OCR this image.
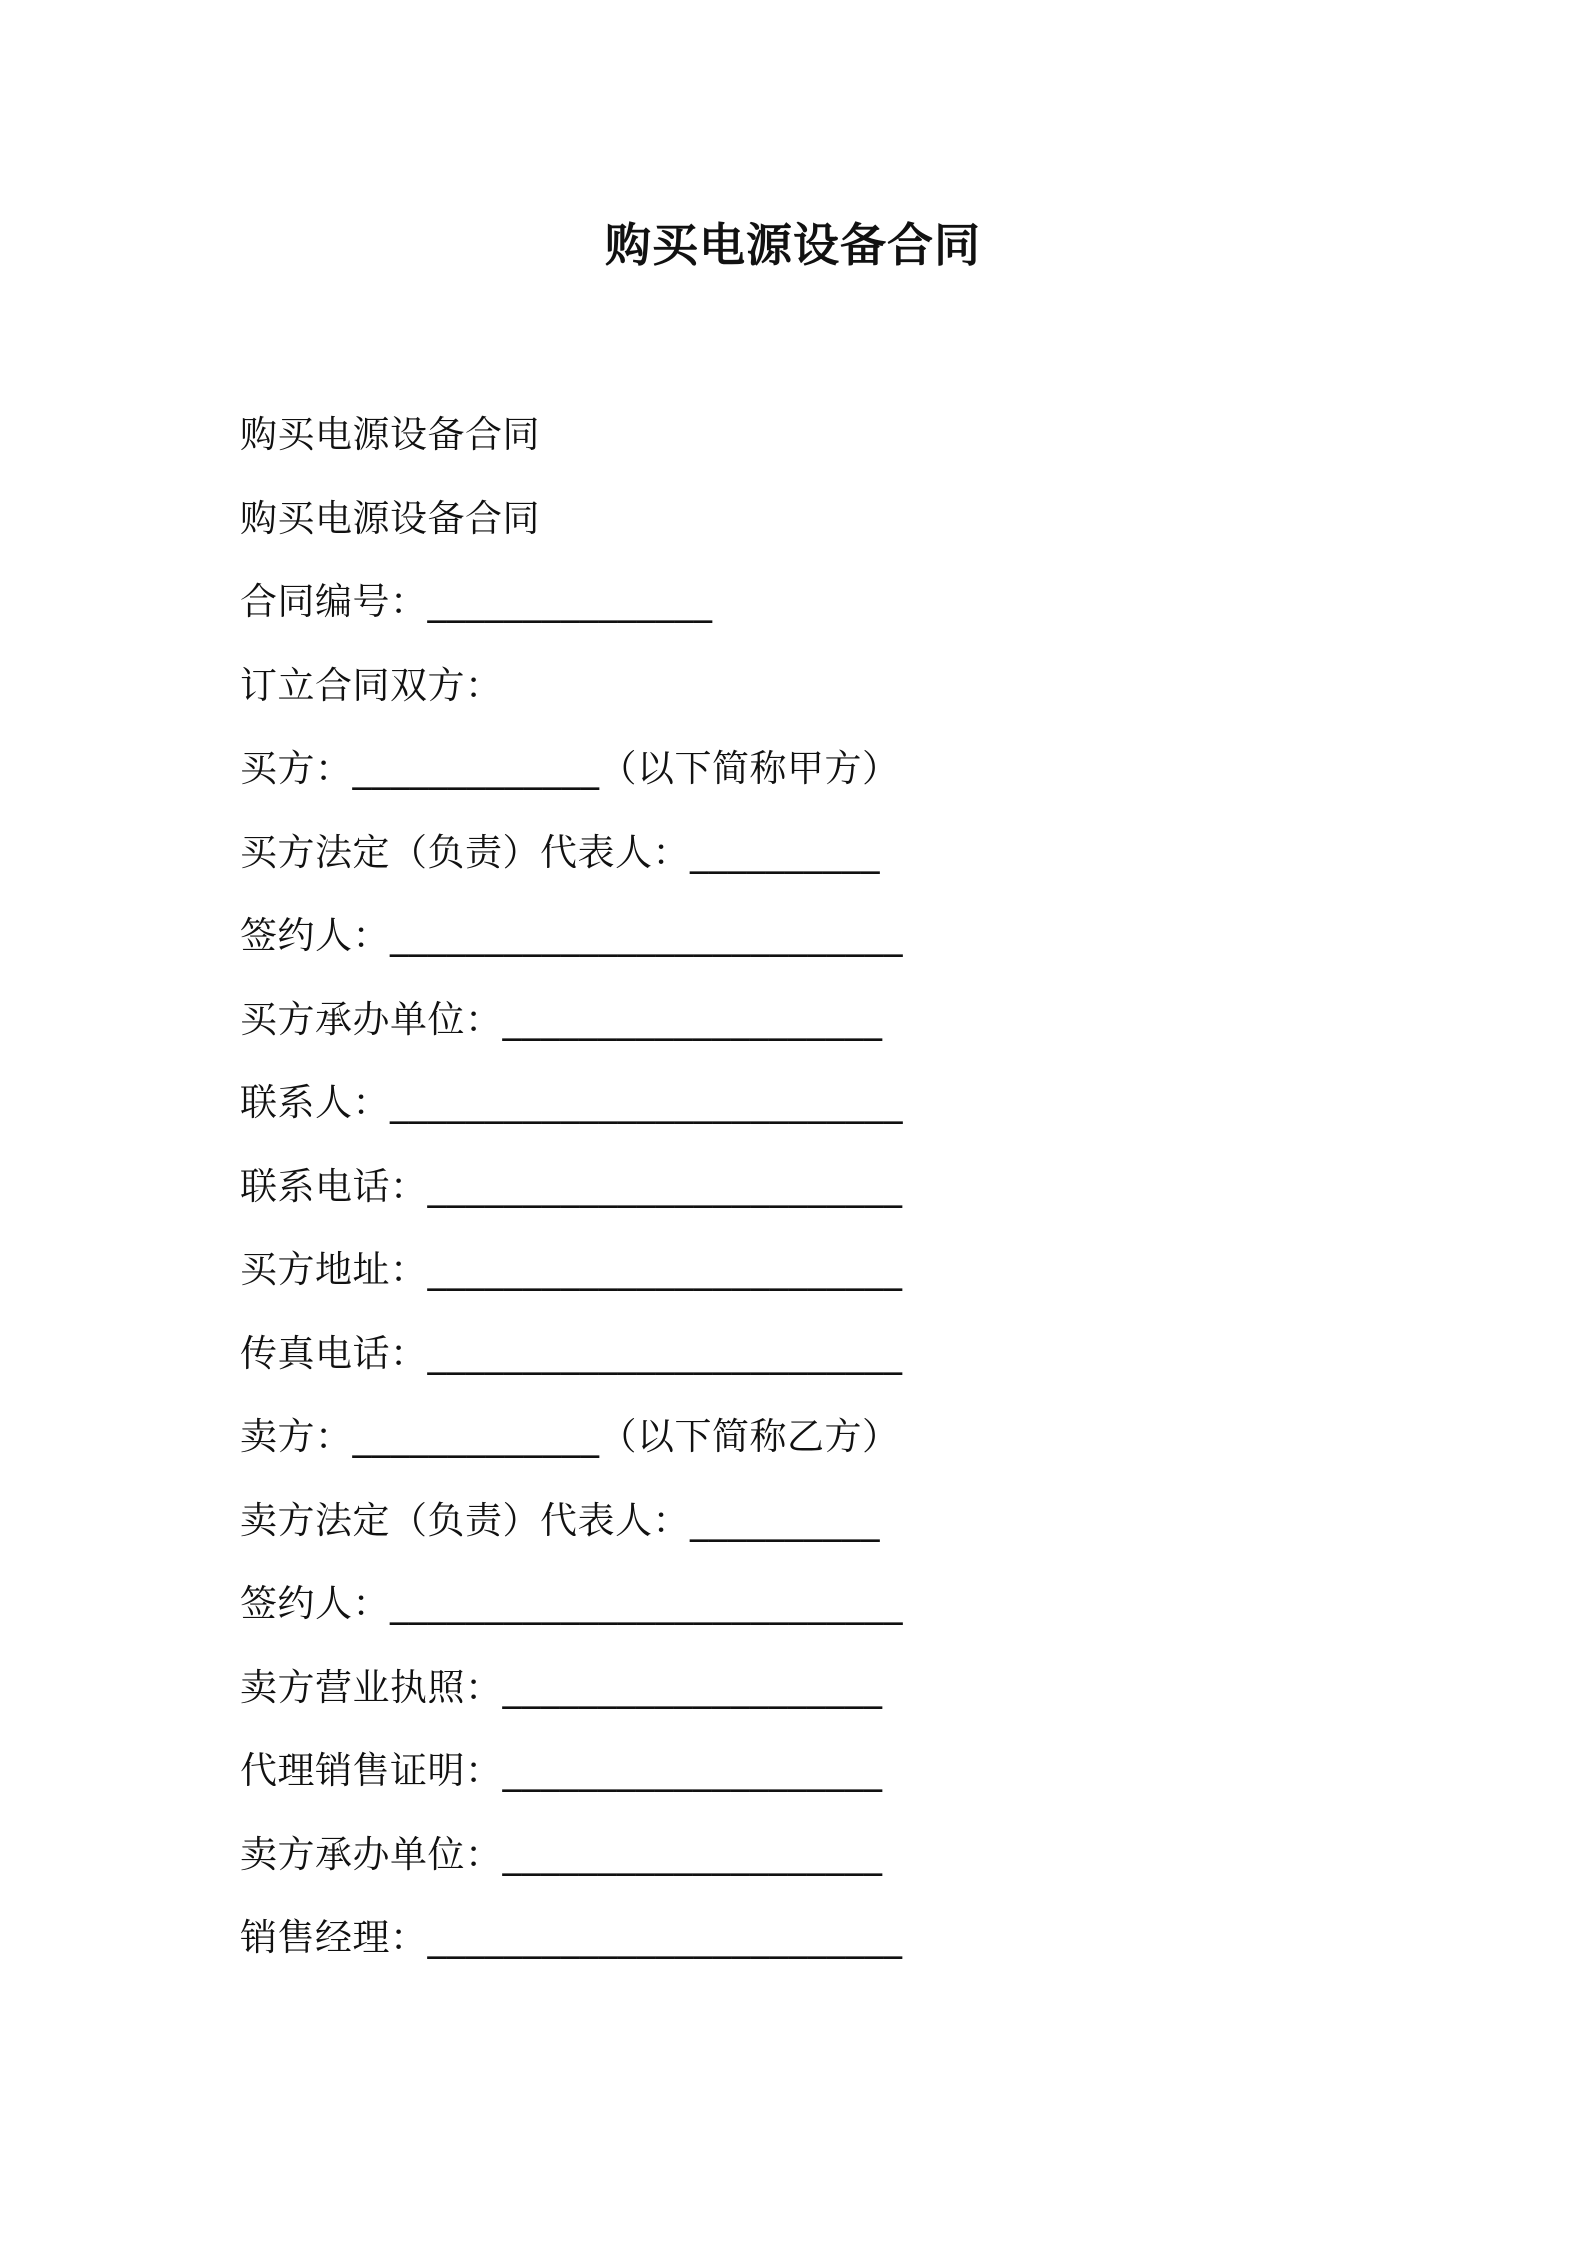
购买电源设备合同
购买电源设备合同
购买电源设备合同
合同编号：_______________
订立合同双方：
买方：_____________（以下简称甲方）
买方法定（负责）代表人：__________
签约人：___________________________
买方承办单位：____________________
联系人：___________________________
联系电话：_________________________
买方地址：_________________________
传真电话：_________________________
卖方：_____________（以下简称乙方）
卖方法定（负责）代表人：__________
签约人：___________________________
卖方营业执照：____________________
代理销售证明：____________________
卖方承办单位：____________________
销售经理：_________________________
